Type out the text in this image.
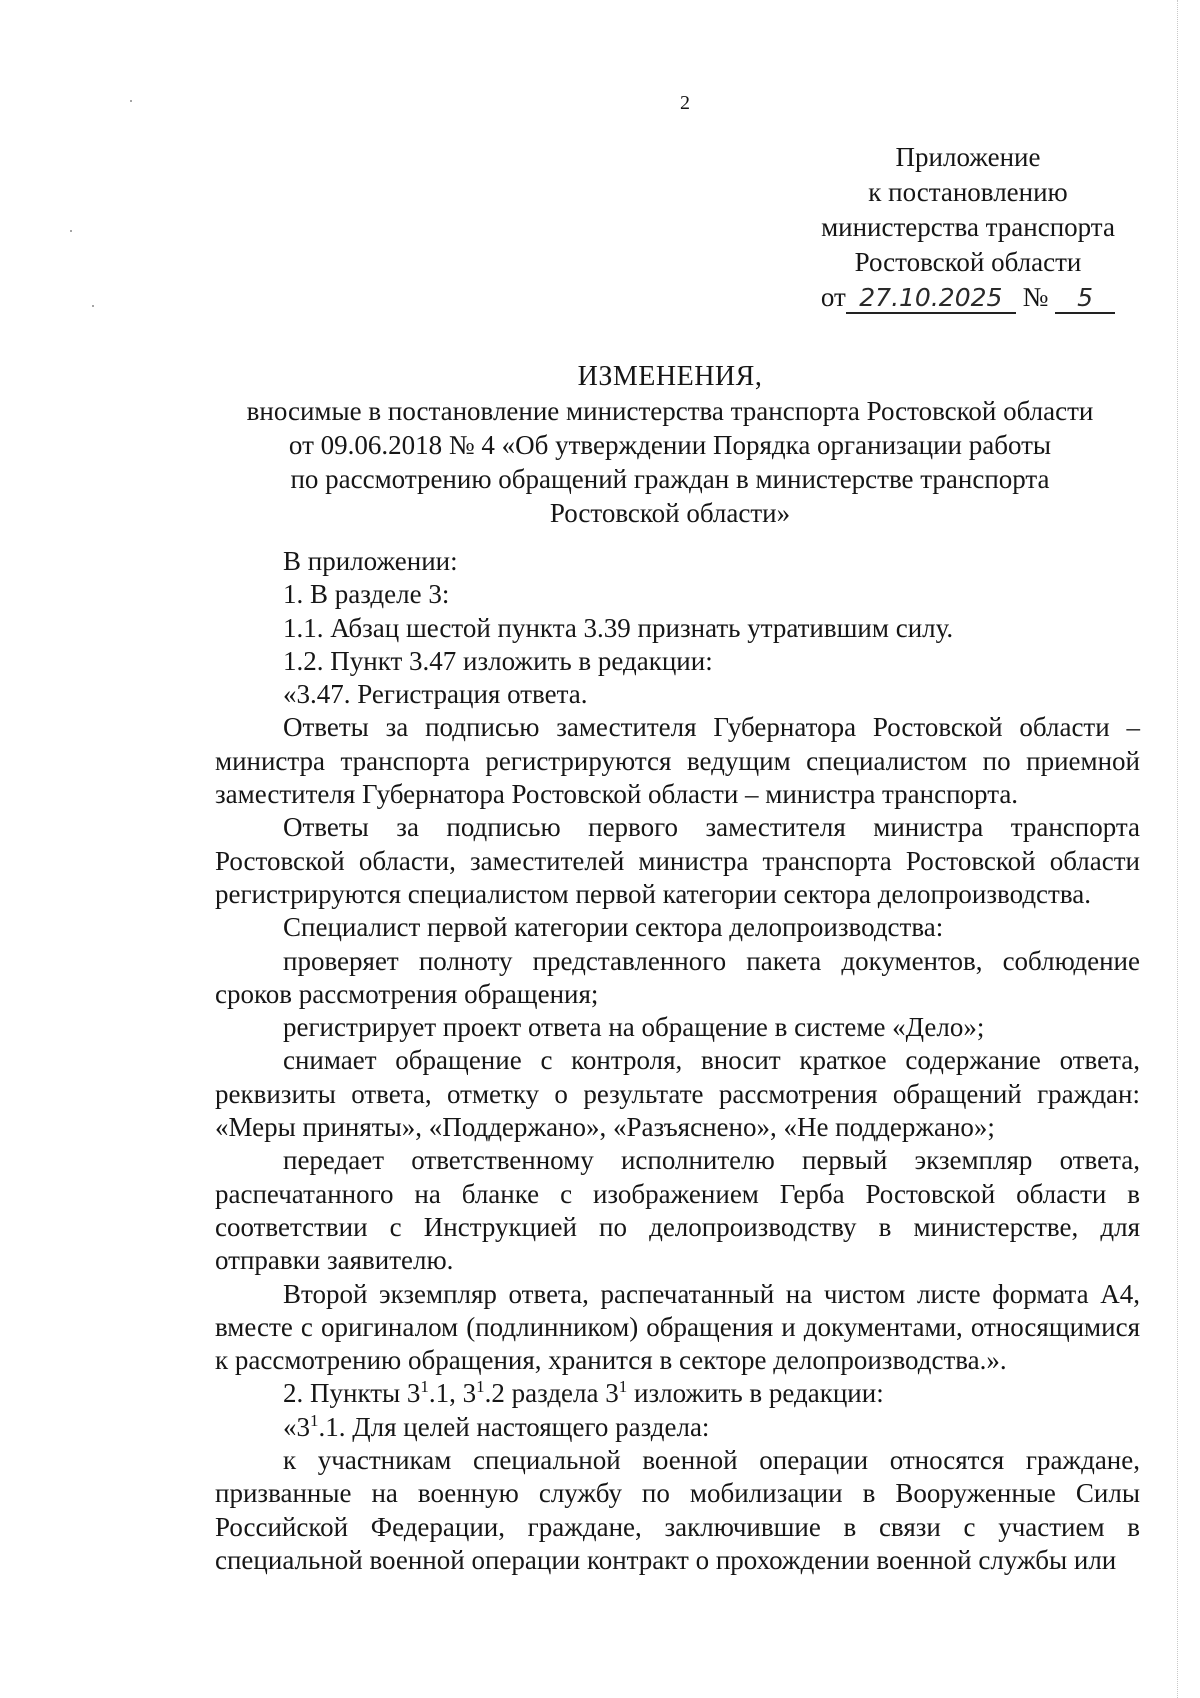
2
Приложение
к постановлению
министерства транспорта
Ростовской области
от 27.10.2025 № 5
ИЗМЕНЕНИЯ,
вносимые в постановление министерства транспорта Ростовской области
от 09.06.2018 № 4 «Об утверждении Порядка организации работы
по рассмотрению обращений граждан в министерстве транспорта
Ростовской области»

В приложении:

1. В разделе 3:

1.1. Абзац шестой пункта 3.39 признать утратившим силу.

1.2. Пункт 3.47 изложить в редакции:

«3.47. Регистрация ответа.

Ответы за подписью заместителя Губернатора Ростовской области – министра транспорта регистрируются ведущим специалистом по приемной заместителя Губернатора Ростовской области – министра транспорта.

Ответы за подписью первого заместителя министра транспорта Ростовской области, заместителей министра транспорта Ростовской области регистрируются специалистом первой категории сектора делопроизводства.

Специалист первой категории сектора делопроизводства:

проверяет полноту представленного пакета документов, соблюдение сроков рассмотрения обращения;

регистрирует проект ответа на обращение в системе «Дело»;

снимает обращение с контроля, вносит краткое содержание ответа, реквизиты ответа, отметку о результате рассмотрения обращений граждан: «Меры приняты», «Поддержано», «Разъяснено», «Не поддержано»;

передает ответственному исполнителю первый экземпляр ответа, распечатанного на бланке с изображением Герба Ростовской области в соответствии с Инструкцией по делопроизводству в министерстве, для отправки заявителю.

Второй экземпляр ответа, распечатанный на чистом листе формата А4, вместе с оригиналом (подлинником) обращения и документами, относящимися к рассмотрению обращения, хранится в секторе делопроизводства.».

2. Пункты $3^1.1$, $3^1.2$ раздела $3^1$ изложить в редакции:

«$3^1.1$. Для целей настоящего раздела:

к участникам специальной военной операции относятся граждане, призванные на военную службу по мобилизации в Вооруженные Силы Российской Федерации, граждане, заключившие в связи с участием в специальной военной операции контракт о прохождении военной службы или
